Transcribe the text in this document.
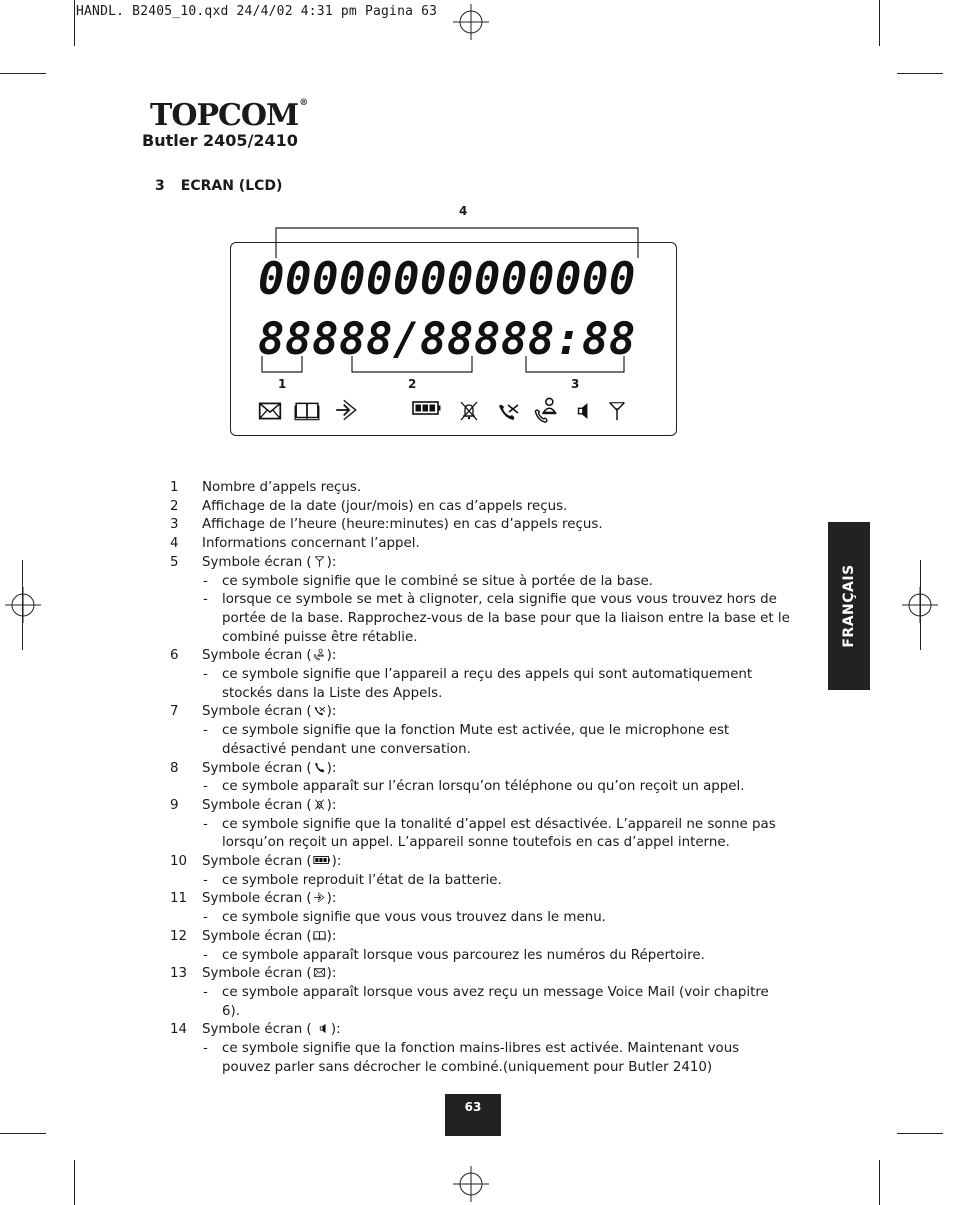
HANDL. B2405_10.qxd 24/4/02 4:31 pm Pagina 63
TOPCOM®
Butler 2405/2410
3 ECRAN (LCD)
4
00000000000000
88888/88888:88
1	2	3
1 Nombre d’appels reçus.
2 Affichage de la date (jour/mois) en cas d’appels reçus.
3 Affichage de l’heure (heure:minutes) en cas d’appels reçus.
4 Informations concernant l’appel.
5 Symbole écran ( ):
- ce symbole signifie que le combiné se situe à portée de la base.
- lorsque ce symbole se met à clignoter, cela signifie que vous vous trouvez hors de portée de la base. Rapprochez-vous de la base pour que la liaison entre la base et le combiné puisse être rétablie.
6 Symbole écran ( ):
- ce symbole signifie que l’appareil a reçu des appels qui sont automatiquement stockés dans la Liste des Appels.
7 Symbole écran ( ):
- ce symbole signifie que la fonction Mute est activée, que le microphone est désactivé pendant une conversation.
8 Symbole écran ( ):
- ce symbole apparaît sur l’écran lorsqu’on téléphone ou qu’on reçoit un appel.
9 Symbole écran ( ):
- ce symbole signifie que la tonalité d’appel est désactivée. L’appareil ne sonne pas lorsqu’on reçoit un appel. L’appareil sonne toutefois en cas d’appel interne.
10 Symbole écran ( ):
- ce symbole reproduit l’état de la batterie.
11 Symbole écran ( ):
- ce symbole signifie que vous vous trouvez dans le menu.
12 Symbole écran ( ):
- ce symbole apparaît lorsque vous parcourez les numéros du Répertoire.
13 Symbole écran ( ):
- ce symbole apparaît lorsque vous avez reçu un message Voice Mail (voir chapitre 6).
14 Symbole écran (
):
- ce symbole signifie que la fonction mains-libres est activée. Maintenant vous pouvez parler sans décrocher le combiné.(uniquement pour Butler 2410)
FRANÇAIS
63
